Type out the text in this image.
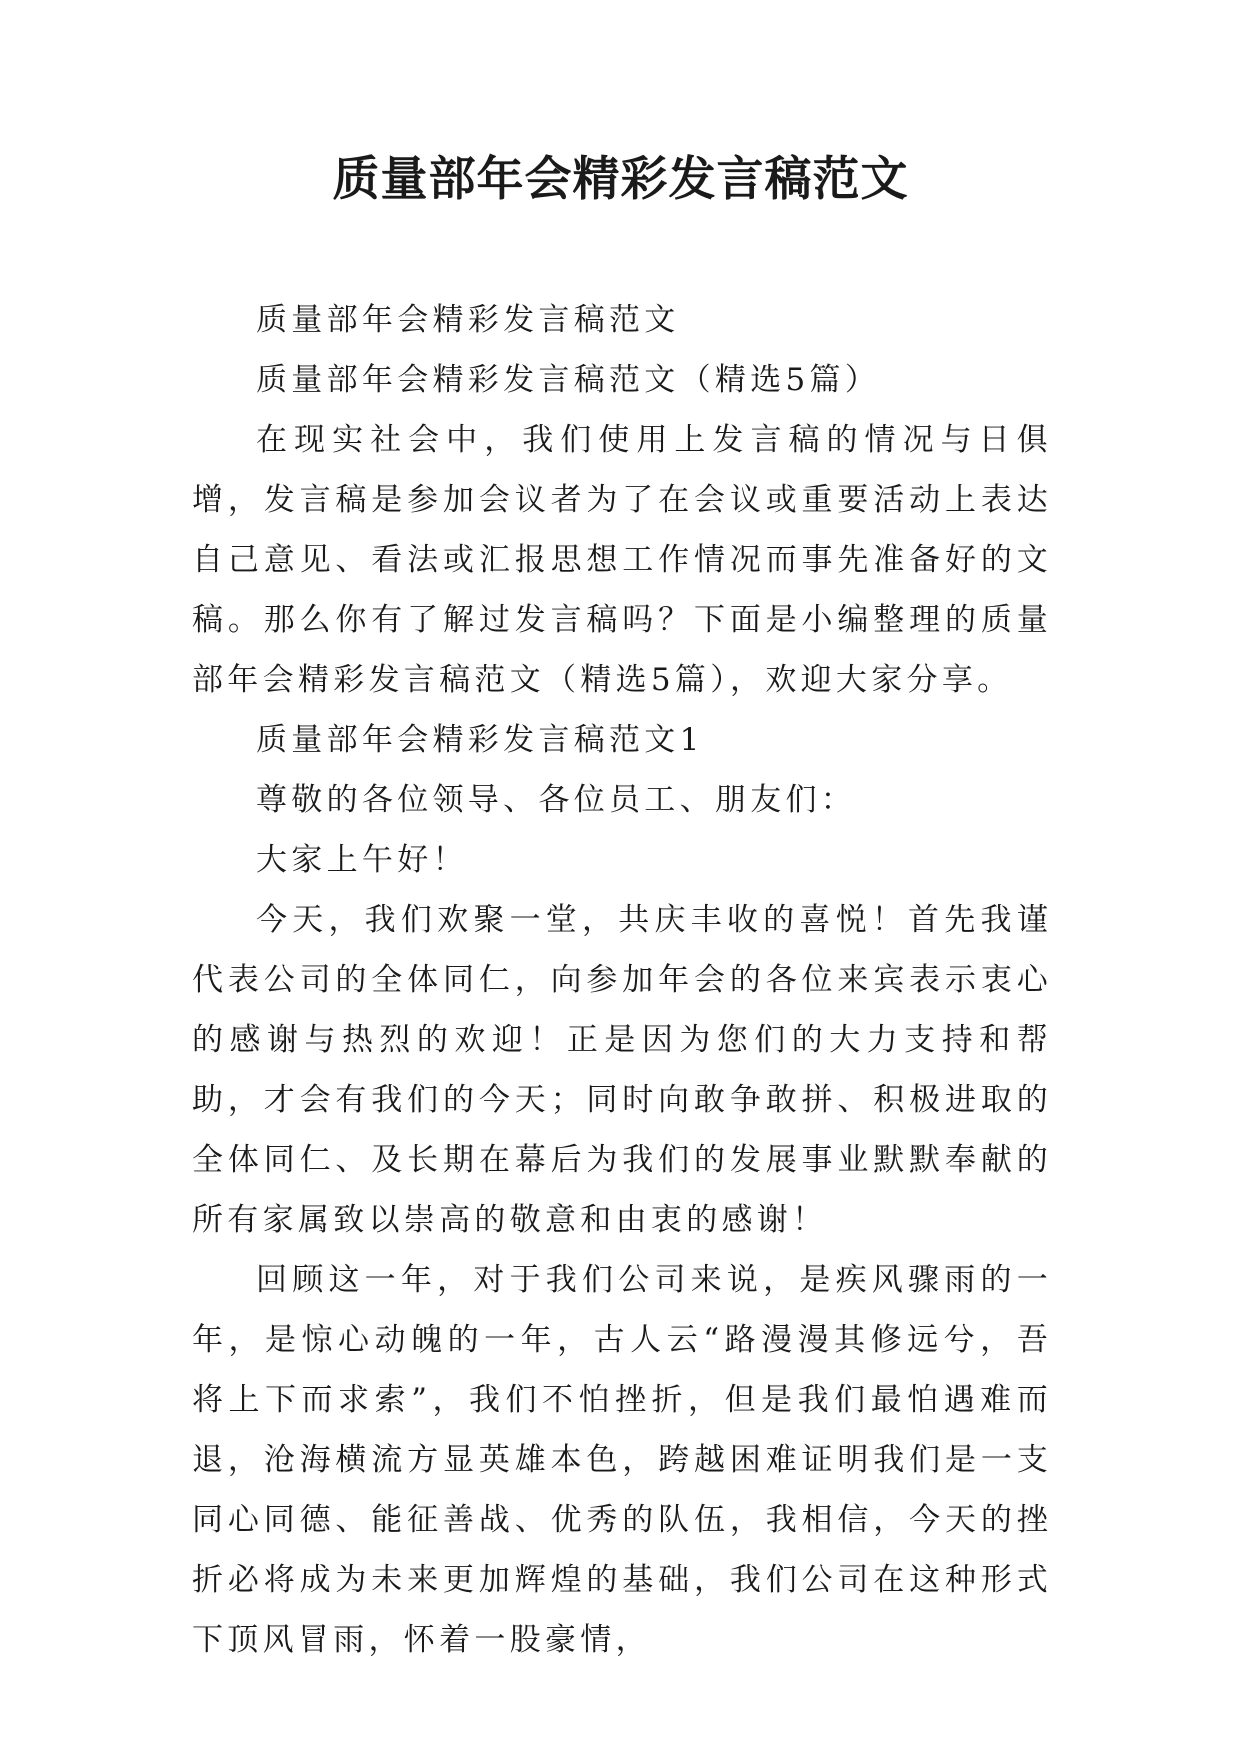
质量部年会精彩发言稿范文

质量部年会精彩发言稿范文

质量部年会精彩发言稿范文（精选5篇）

在现实社会中，我们使用上发言稿的情况与日俱增，发言稿是参加会议者为了在会议或重要活动上表达自己意见、看法或汇报思想工作情况而事先准备好的文稿。那么你有了解过发言稿吗？下面是小编整理的质量部年会精彩发言稿范文（精选5篇），欢迎大家分享。

质量部年会精彩发言稿范文1

尊敬的各位领导、各位员工、朋友们：

大家上午好！

今天，我们欢聚一堂，共庆丰收的喜悦！首先我谨代表公司的全体同仁，向参加年会的各位来宾表示衷心的感谢与热烈的欢迎！正是因为您们的大力支持和帮助，才会有我们的今天；同时向敢争敢拼、积极进取的全体同仁、及长期在幕后为我们的发展事业默默奉献的所有家属致以崇高的敬意和由衷的感谢！

回顾这一年，对于我们公司来说，是疾风骤雨的一年，是惊心动魄的一年，古人云“路漫漫其修远兮，吾将上下而求索”，我们不怕挫折，但是我们最怕遇难而退，沧海横流方显英雄本色，跨越困难证明我们是一支同心同德、能征善战、优秀的队伍，我相信，今天的挫折必将成为未来更加辉煌的基础，我们公司在这种形式下顶风冒雨，怀着一股豪情，
